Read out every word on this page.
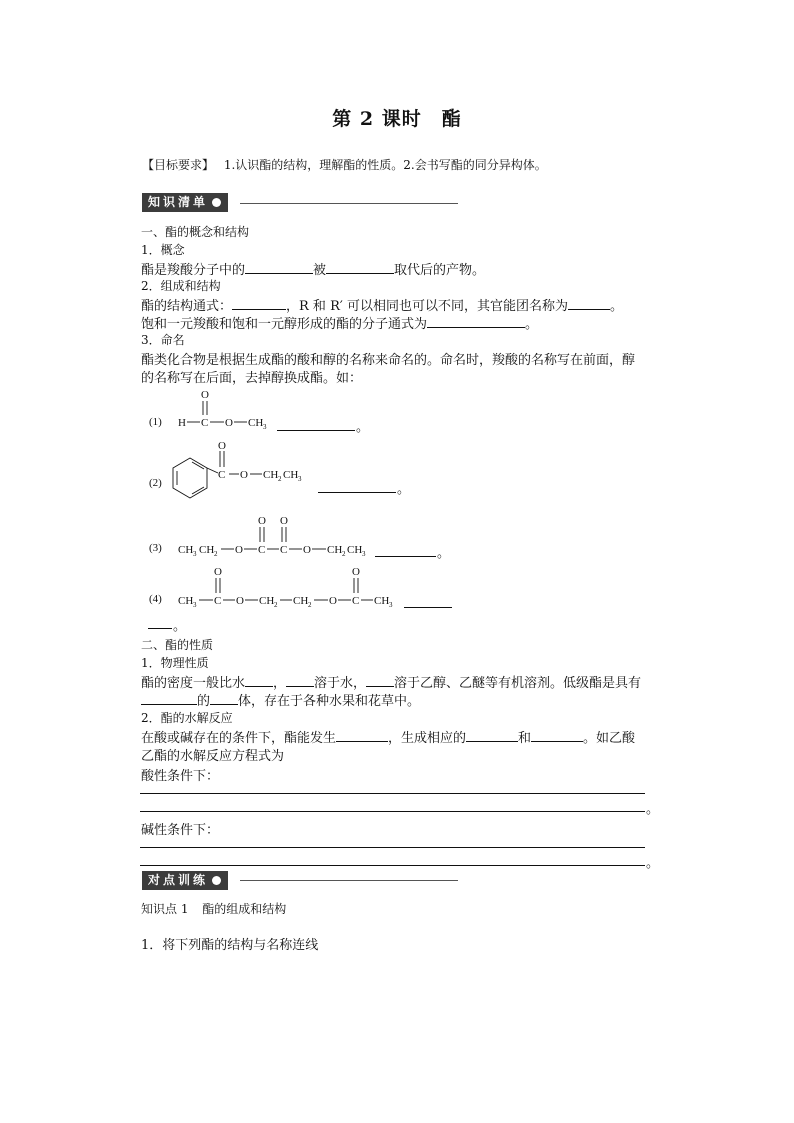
第 2 课时　酯
【目标要求】 1.认识酯的结构，理解酯的性质。2.会书写酯的同分异构体。
知识清单
一、酯的概念和结构
1．概念
酯是羧酸分子中的	被	取代后的产物。
2．组成和结构
酯的结构通式：	，R 和 R′ 可以相同也可以不同，其官能团名称为	。
饱和一元羧酸和饱和一元醇形成的酯的分子通式为	。
3．命名
酯类化合物是根据生成酯的酸和醇的名称来命名的。命名时，羧酸的名称写在前面，醇
的名称写在后面，去掉醇换成酯。如：
(1) H C
O
O CH 3	。
(2)
O
C O CH 2 CH 3
。
(3) CH 3 CH 2 O C
O
C
O
O CH 2 CH 3	。
(4) CH 3 C
O
O CH 2 CH 2 O C
O
CH 3
。
二、酯的性质
1．物理性质
酯的密度一般比水 ， 溶于水， 溶于乙醇、乙醚等有机溶剂。低级酯是具有
的 体，存在于各种水果和花草中。
2．酯的水解反应
在酸或碱存在的条件下，酯能发生	，生成相应的	和	。如乙酸
乙酯的水解反应方程式为
酸性条件下：
。
碱性条件下：
。
对点训练
知识点 1 酯的组成和结构
1．将下列酯的结构与名称连线
